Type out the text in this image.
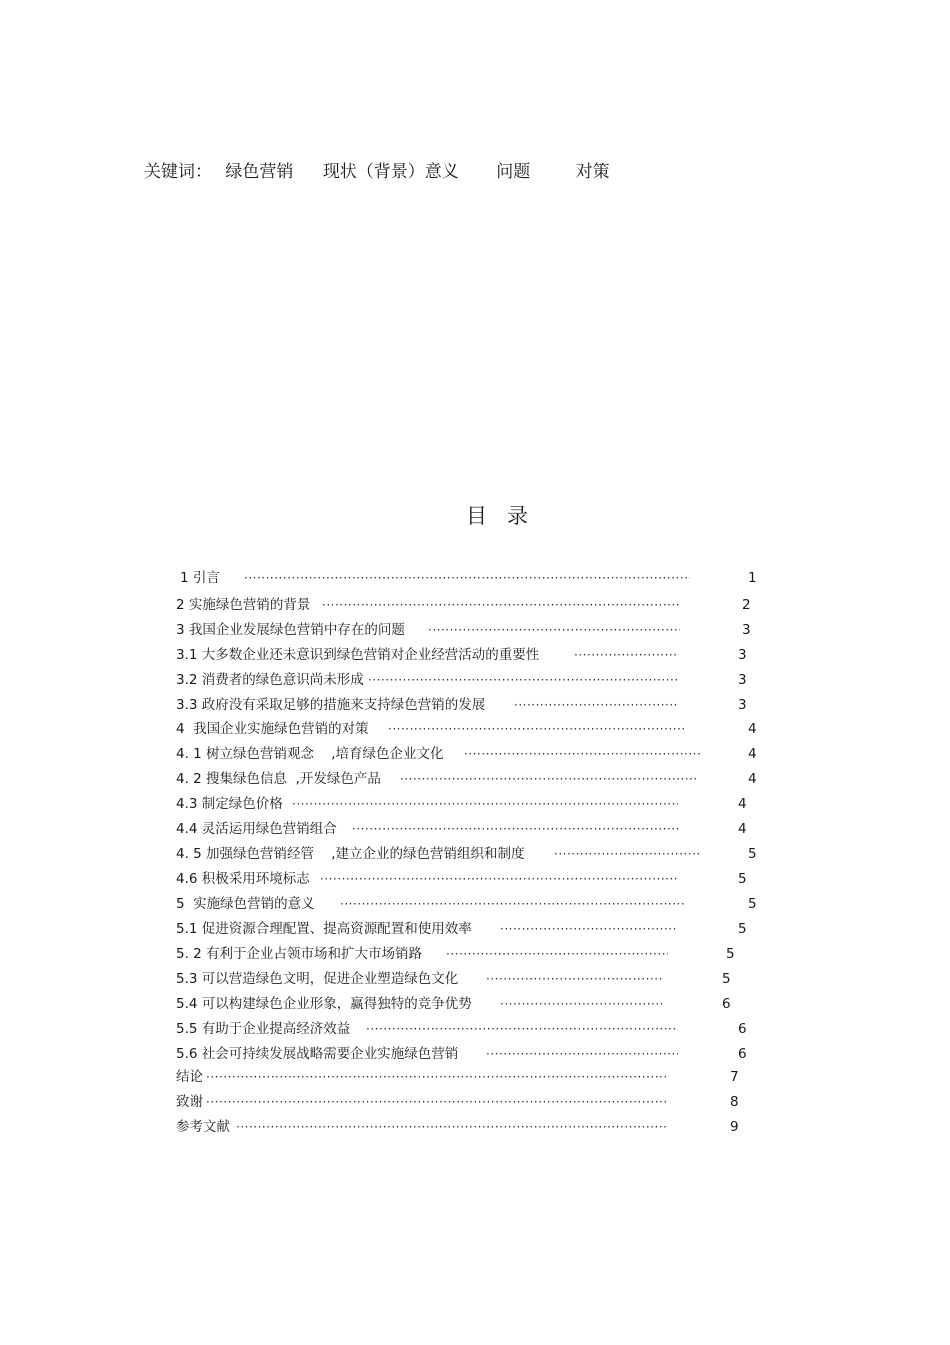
关键词： 绿色营销 现状（背景）意义 问题	对策
目录
1 引言 ·····	1
2 实施绿色营销的背景 ·····	2
3 我国企业发展绿色营销中存在的问题 ·····	3
3.1 大多数企业还未意识到绿色营销对企业经营活动的重要性 ·····	3
3.2 消费者的绿色意识尚未形成 ·····	3
3.3 政府没有采取足够的措施来支持绿色营销的发展 ·····	3
4  我国企业实施绿色营销的对策 ·····	4
4. 1 树立绿色营销观念    ,培育绿色企业文化 ·····	4
4. 2 搜集绿色信息  ,开发绿色产品 ·····	4
4.3 制定绿色价格 ·····	4
4.4 灵活运用绿色营销组合 ·····	4
4. 5 加强绿色营销经管    ,建立企业的绿色营销组织和制度 ·····	5
4.6 积极采用环境标志 ·····	5
5  实施绿色营销的意义 ·····	5
5.1 促进资源合理配置、提高资源配置和使用效率 ·····	5
5. 2 有利于企业占领市场和扩大市场销路 ·····	5
5.3 可以营造绿色文明，促进企业塑造绿色文化 ·····	5
5.4 可以构建绿色企业形象，赢得独特的竞争优势 ·····	6
5.5 有助于企业提高经济效益 ·····	6
5.6 社会可持续发展战略需要企业实施绿色营销 ·····	6
结论 ·····	7
致谢 ·····	8
参考文献 ·····	9
